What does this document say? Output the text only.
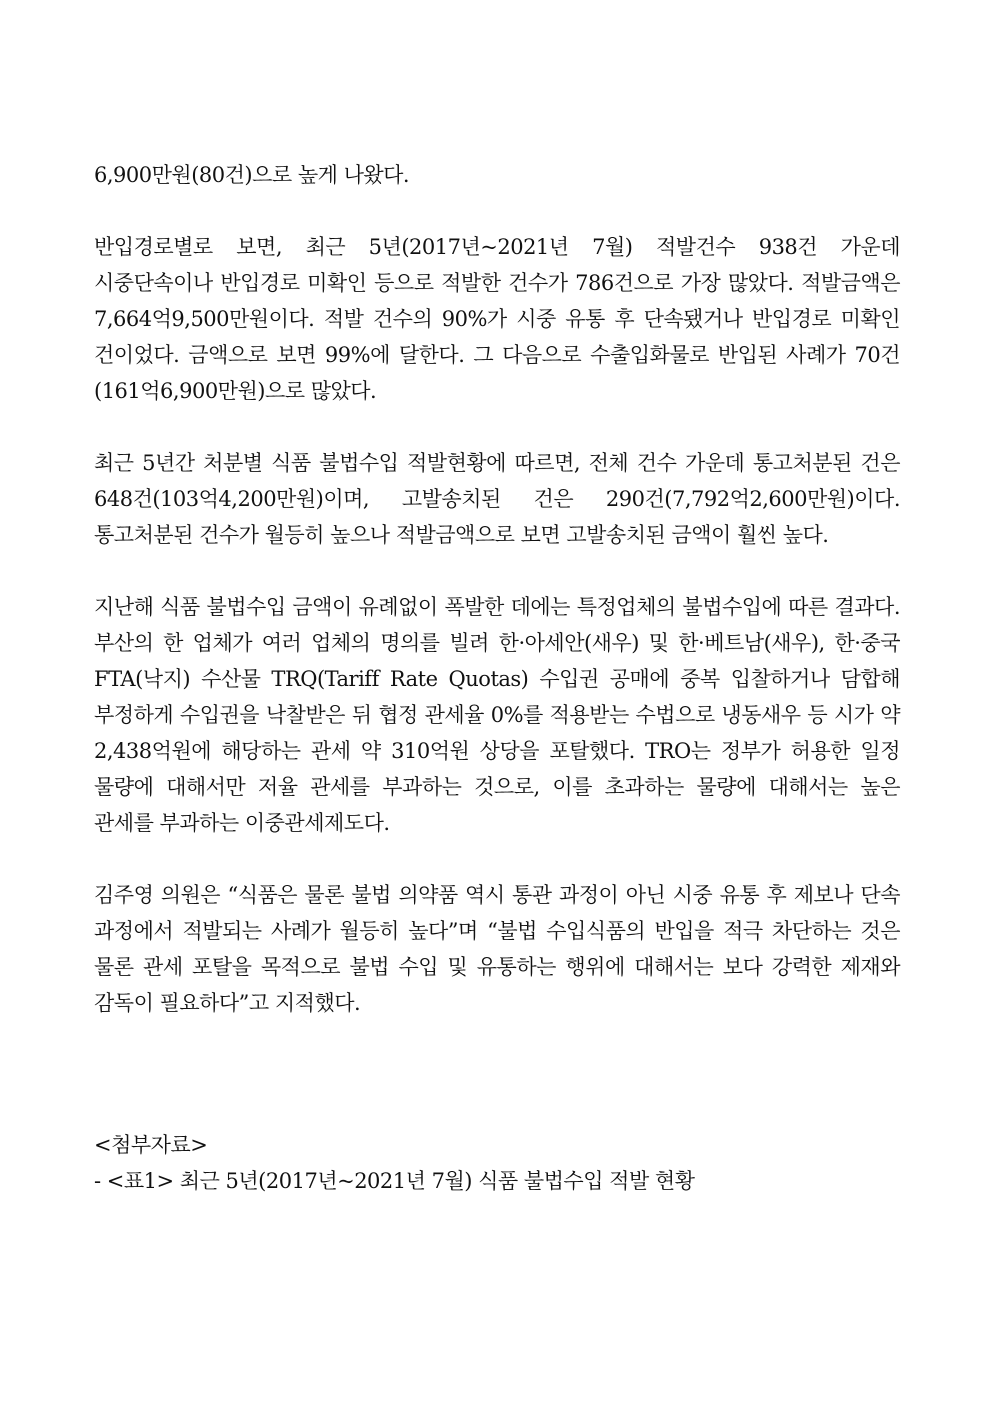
6,900만원(80건)으로 높게 나왔다.

반입경로별로 보면, 최근 5년(2017년~2021년 7월) 적발건수 938건 가운데 시중단속이나 반입경로 미확인 등으로 적발한 건수가 786건으로 가장 많았다. 적발금액은 7,664억9,500만원이다. 적발 건수의 90%가 시중 유통 후 단속됐거나 반입경로 미확인 건이었다. 금액으로 보면 99%에 달한다. 그 다음으로 수출입화물로 반입된 사례가 70건(161억6,900만원)으로 많았다.

최근 5년간 처분별 식품 불법수입 적발현황에 따르면, 전체 건수 가운데 통고처분된 건은 648건(103억4,200만원)이며, 고발송치된 건은 290건(7,792억2,600만원)이다. 통고처분된 건수가 월등히 높으나 적발금액으로 보면 고발송치된 금액이 훨씬 높다.

지난해 식품 불법수입 금액이 유례없이 폭발한 데에는 특정업체의 불법수입에 따른 결과다. 부산의 한 업체가 여러 업체의 명의를 빌려 한·아세안(새우) 및 한·베트남(새우), 한·중국 FTA(낙지) 수산물 TRQ(Tariff Rate Quotas) 수입권 공매에 중복 입찰하거나 담합해 부정하게 수입권을 낙찰받은 뒤 협정 관세율 0%를 적용받는 수법으로 냉동새우 등 시가 약 2,438억원에 해당하는 관세 약 310억원 상당을 포탈했다. TRO는 정부가 허용한 일정 물량에 대해서만 저율 관세를 부과하는 것으로, 이를 초과하는 물량에 대해서는 높은 관세를 부과하는 이중관세제도다.

김주영 의원은 “식품은 물론 불법 의약품 역시 통관 과정이 아닌 시중 유통 후 제보나 단속 과정에서 적발되는 사례가 월등히 높다”며 “불법 수입식품의 반입을 적극 차단하는 것은 물론 관세 포탈을 목적으로 불법 수입 및 유통하는 행위에 대해서는 보다 강력한 제재와 감독이 필요하다”고 지적했다.

<첨부자료>

- <표1> 최근 5년(2017년~2021년 7월) 식품 불법수입 적발 현황
